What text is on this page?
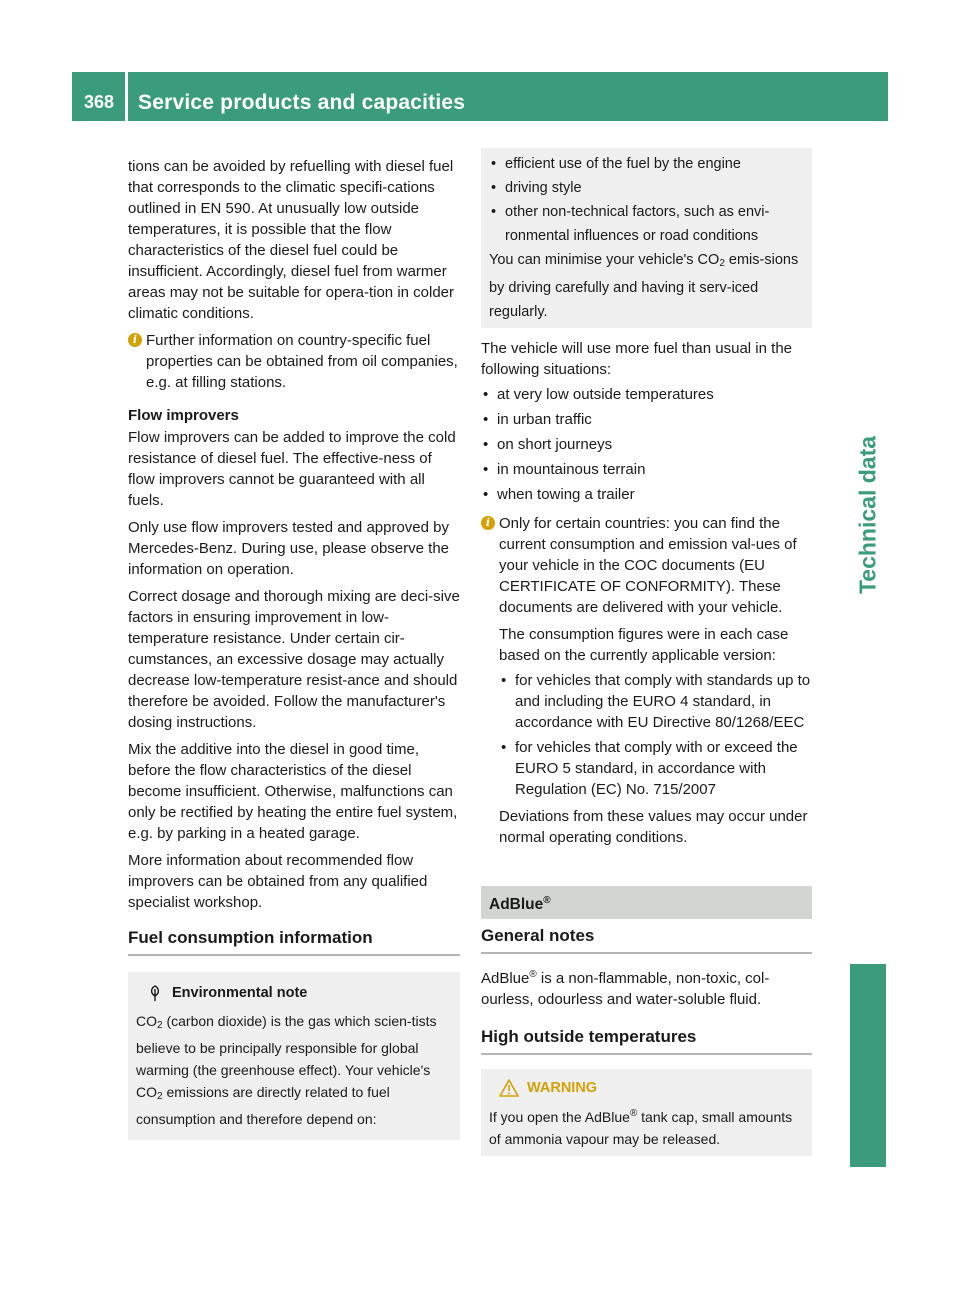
368	Service products and capacities
Technical data

tions can be avoided by refuelling with diesel fuel that corresponds to the climatic specifi-cations outlined in EN 590. At unusually low outside temperatures, it is possible that the flow characteristics of the diesel fuel could be insufficient. Accordingly, diesel fuel from warmer areas may not be suitable for opera-tion in colder climatic conditions.

i Further information on country-specific fuel properties can be obtained from oil companies, e.g. at filling stations.

Flow improvers

Flow improvers can be added to improve the cold resistance of diesel fuel. The effective-ness of flow improvers cannot be guaranteed with all fuels.

Only use flow improvers tested and approved by Mercedes-Benz. During use, please observe the information on operation.

Correct dosage and thorough mixing are deci-sive factors in ensuring improvement in low-temperature resistance. Under certain cir-cumstances, an excessive dosage may actually decrease low-temperature resist-ance and should therefore be avoided. Follow the manufacturer's dosing instructions.

Mix the additive into the diesel in good time, before the flow characteristics of the diesel become insufficient. Otherwise, malfunctions can only be rectified by heating the entire fuel system, e.g. by parking in a heated garage.

More information about recommended flow improvers can be obtained from any qualified specialist workshop.

Fuel consumption information

Environmental note

$CO_2$ (carbon dioxide) is the gas which scien-tists believe to be principally responsible for global warming (the greenhouse effect). Your vehicle's $CO_2$ emissions are directly related to fuel consumption and therefore depend on:

• efficient use of the fuel by the engine

• driving style

• other non-technical factors, such as envi-ronmental influences or road conditions

You can minimise your vehicle's $CO_2$ emis-sions by driving carefully and having it serv-iced regularly.

The vehicle will use more fuel than usual in the following situations:

• at very low outside temperatures

• in urban traffic

• on short journeys

• in mountainous terrain

• when towing a trailer

i Only for certain countries: you can find the current consumption and emission val-ues of your vehicle in the COC documents (EU CERTIFICATE OF CONFORMITY). These documents are delivered with your vehicle.

The consumption figures were in each case based on the currently applicable version:

• for vehicles that comply with standards up to and including the EURO 4 standard, in accordance with EU Directive 80/1268/EEC

• for vehicles that comply with or exceed the EURO 5 standard, in accordance with Regulation (EC) No. 715/2007

Deviations from these values may occur under normal operating conditions.

AdBlue®

General notes

AdBlue® is a non-flammable, non-toxic, col-ourless, odourless and water-soluble fluid.

High outside temperatures

WARNING

If you open the AdBlue® tank cap, small amounts of ammonia vapour may be released.
